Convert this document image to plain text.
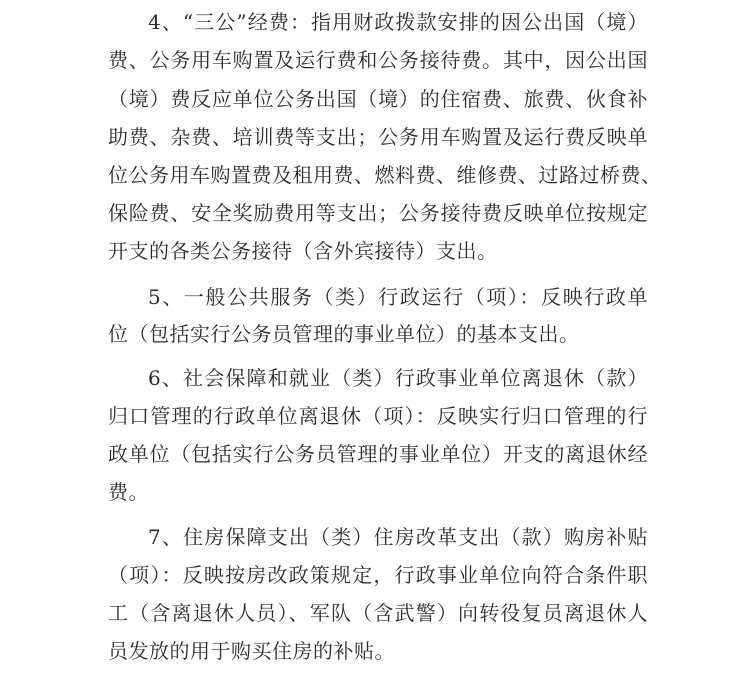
4、“三公”经费：指用财政拨款安排的因公出国（境）
费、公务用车购置及运行费和公务接待费。其中，因公出国
（境）费反应单位公务出国（境）的住宿费、旅费、伙食补
助费、杂费、培训费等支出；公务用车购置及运行费反映单
位公务用车购置费及租用费、燃料费、维修费、过路过桥费、
保险费、安全奖励费用等支出；公务接待费反映单位按规定
开支的各类公务接待（含外宾接待）支出。
5、一般公共服务（类）行政运行（项）：反映行政单
位（包括实行公务员管理的事业单位）的基本支出。
6、社会保障和就业（类）行政事业单位离退休（款）
归口管理的行政单位离退休（项）：反映实行归口管理的行
政单位（包括实行公务员管理的事业单位）开支的离退休经
费。
7、住房保障支出（类）住房改革支出（款）购房补贴
（项）：反映按房改政策规定，行政事业单位向符合条件职
工（含离退休人员）、军队（含武警）向转役复员离退休人
员发放的用于购买住房的补贴。
